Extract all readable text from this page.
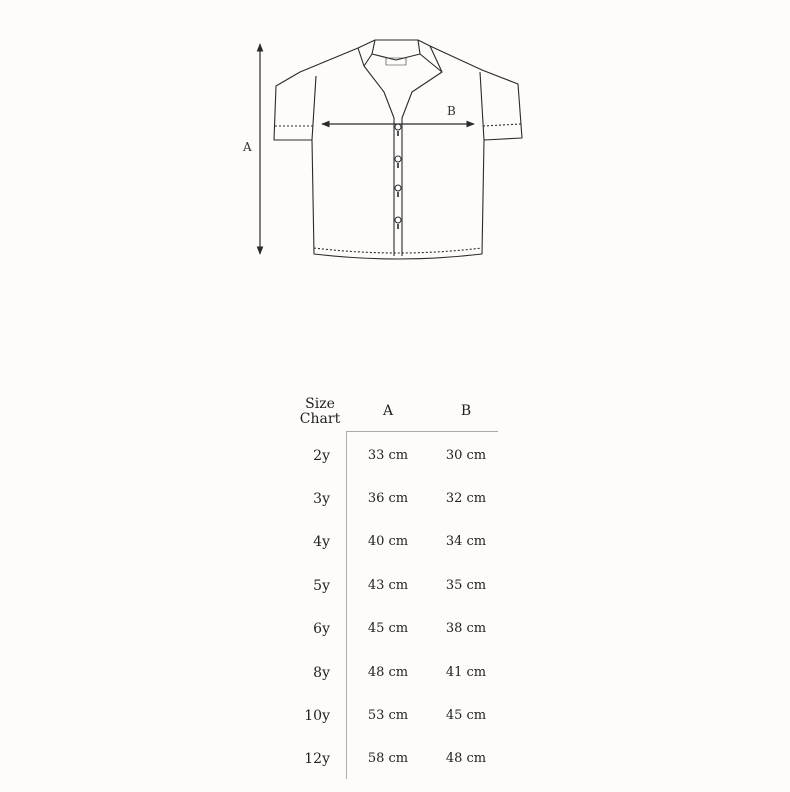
A
B
Size
Chart	A	B
2y	33 cm	30 cm
3y	36 cm	32 cm
4y	40 cm	34 cm
5y	43 cm	35 cm
6y	45 cm	38 cm
8y	48 cm	41 cm
10y	53 cm	45 cm
12y	58 cm	48 cm
